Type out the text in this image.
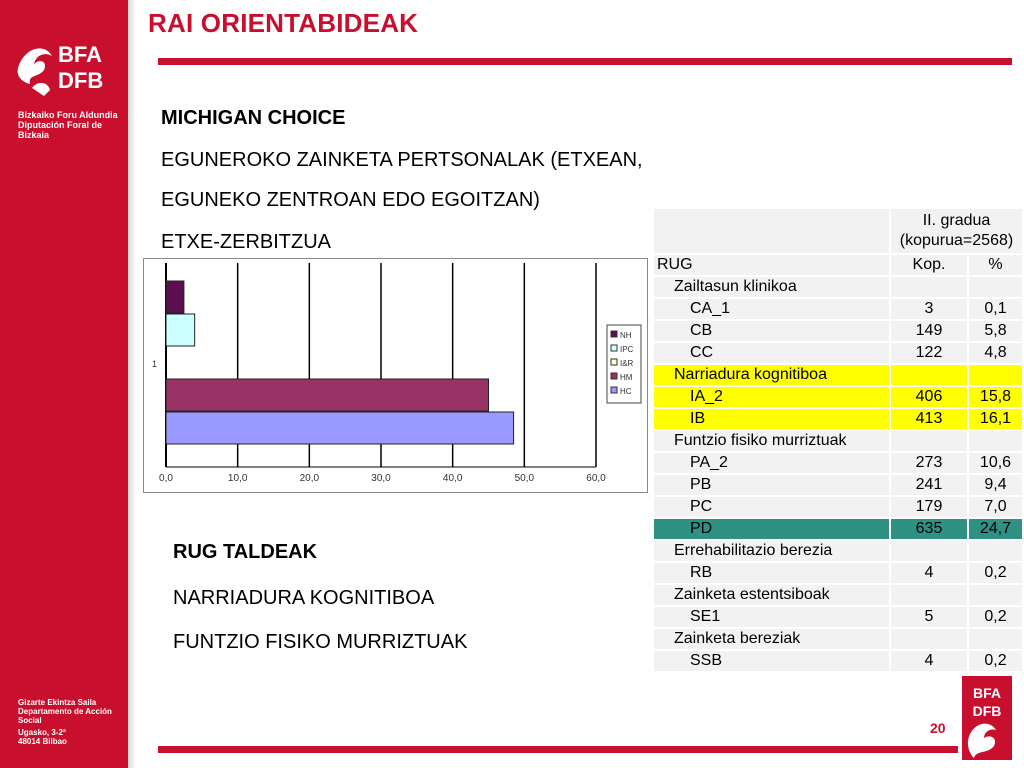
BFA
DFB
Bizkaiko Foru Aldundia
Diputación Foral de Bizkaia
Gizarte Ekintza Saila
Departamento de Acción Social
Ugasko, 3-2ª
48014 Bilbao
RAI ORIENTABIDEAK
MICHIGAN CHOICE
EGUNEROKO ZAINKETA PERTSONALAK (ETXEAN,
EGUNEKO ZENTROAN EDO EGOITZAN)
ETXE-ZERBITZUA
0,0	10,0	20,0	30,0	40,0	50,0	60,0
1
NH
IPC
I&R
HM
HC
RUG TALDEAK
NARRIADURA KOGNITIBOA
FUNTZIO FISIKO MURRIZTUAK
	II. gradua (kopurua=2568)	
RUG	Kop.	%
Zailtasun klinikoa		
CA_1	3	0,1
CB	149	5,8
CC	122	4,8
Narriadura kognitiboa		
IA_2	406	15,8
IB	413	16,1
Funtzio fisiko murriztuak		
PA_2	273	10,6
PB	241	9,4
PC	179	7,0
PD	635	24,7
Errehabilitazio berezia		
RB	4	0,2
Zainketa estentsiboak		
SE1	5	0,2
Zainketa bereziak		
SSB	4	0,2
20
BFA
DFB
